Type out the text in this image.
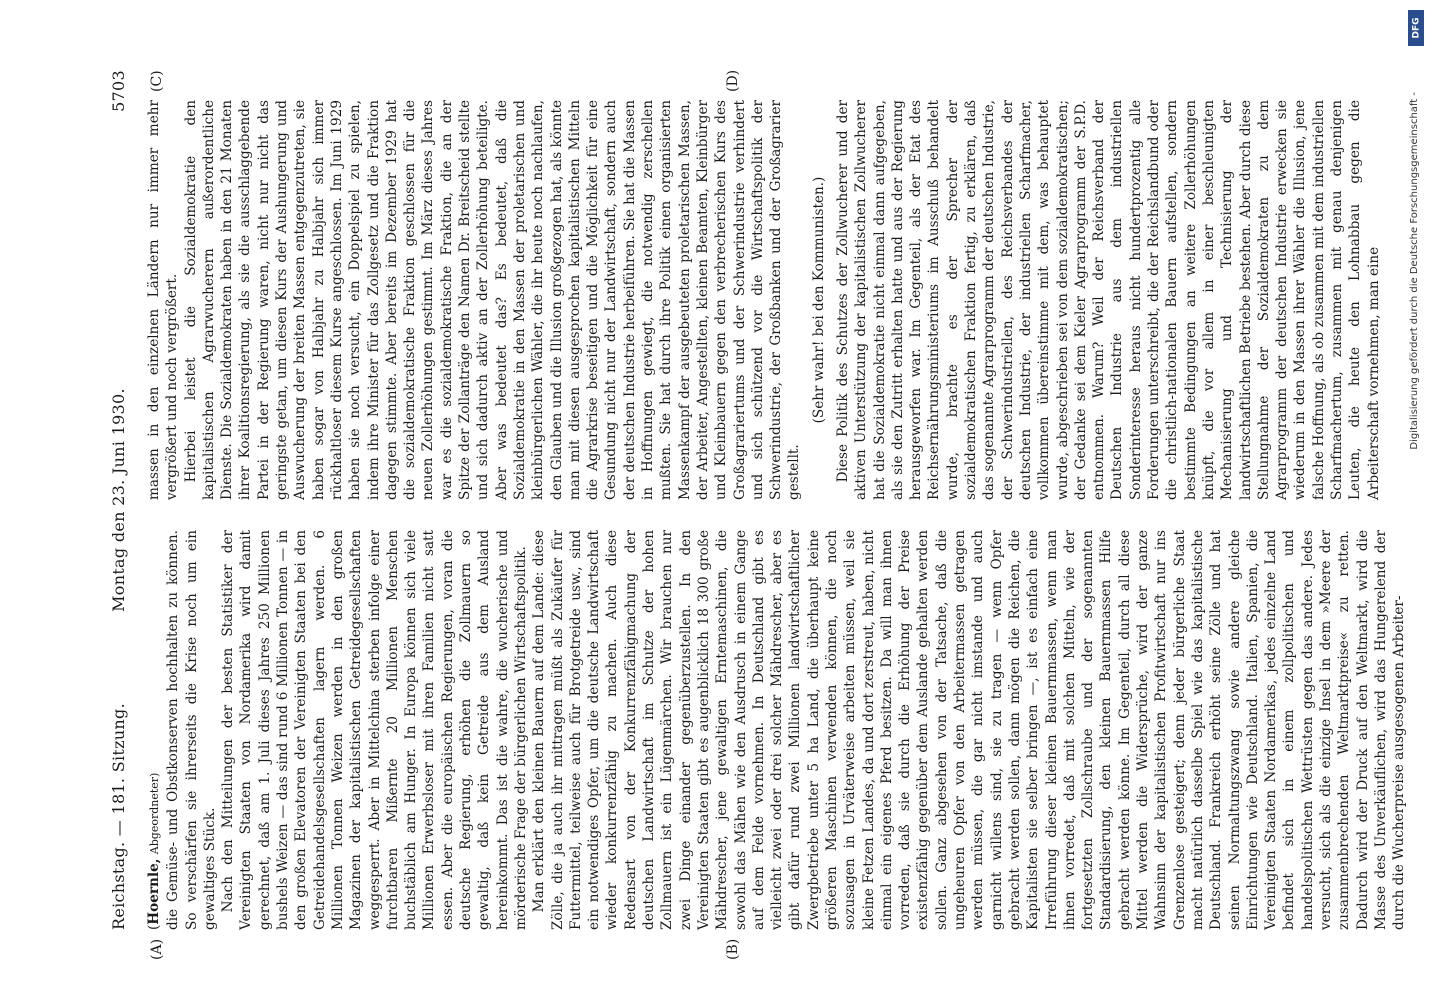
Reichstag. — 181. Sitzung.
Montag den 23. Juni 1930.
5703
(A)	(B)
(C)	(D)

(Hoernle, Abgeordneter) die Gemüse- und Obstkonserven hochhalten zu können. So verschärfen sie ihrerseits die Krise noch um ein gewaltiges Stück. Nach den Mitteilungen der besten Statistiker der Vereinigten Staaten von Nordamerika wird damit gerechnet, daß am 1. Juli dieses Jahres 250 Millionen bushels Weizen — das sind rund 6 Millionen Tonnen — in den großen Elevatoren der Vereinigten Staaten bei den Getreidehandelsgesellschaften lagern werden. 6 Millionen Tonnen Weizen werden in den großen Magazinen der kapitalistischen Getreidegesellschaften weggesperrt. Aber in Mittelchina sterben infolge einer furchtbaren Mißernte 20 Millionen Menschen buchstäblich am Hunger. In Europa können sich viele Millionen Erwerbsloser mit ihren Familien nicht satt essen. Aber die europäischen Regierungen, voran die deutsche Regierung, erhöhen die Zollmauern so gewaltig, daß kein Getreide aus dem Ausland hereinkommt. Das ist die wahre, die wucherische und mörderische Frage der bürgerlichen Wirtschaftspolitik. Man erklärt den kleinen Bauern auf dem Lande: diese Zölle, die ja auch ihr mittragen müßt als Zukäufer für Futtermittel, teilweise auch für Brotgetreide usw., sind ein notwendiges Opfer, um die deutsche Landwirtschaft wieder konkurrenzfähig zu machen. Auch diese Redensart von der Konkurrenzfähigmachung der deutschen Landwirtschaft im Schutze der hohen Zollmauern ist ein Lügenmärchen. Wir brauchen nur zwei Dinge einander gegenüberzustellen. In den Vereinigten Staaten gibt es augenblicklich 18 300 große Mähdrescher, jene gewaltigen Erntemaschinen, die sowohl das Mähen wie den Ausdrusch in einem Gange auf dem Felde vornehmen. In Deutschland gibt es vielleicht zwei oder drei solcher Mähdrescher, aber es gibt dafür rund zwei Millionen landwirtschaftlicher Zwergbetriebe unter 5 ha Land, die überhaupt keine größeren Maschinen verwenden können, die noch sozusagen in Urväterweise arbeiten müssen, weil sie kleine Fetzen Landes, da und dort zerstreut, haben, nicht einmal ein eigenes Pferd besitzen. Da will man ihnen vorreden, daß sie durch die Erhöhung der Preise existenzfähig gegenüber dem Auslande gehalten werden sollen. Ganz abgesehen von der Tatsache, daß die ungeheuren Opfer von den Arbeitermassen getragen werden müssen, die gar nicht imstande und auch garnicht willens sind, sie zu tragen — wenn Opfer gebracht werden sollen, dann mögen die Reichen, die Kapitalisten sie selber bringen —, ist es einfach eine Irreführung dieser kleinen Bauernmassen, wenn man ihnen vorredet, daß mit solchen Mitteln, wie der fortgesetzten Zollschraube und der sogenannten Standardisierung, den kleinen Bauernmassen Hilfe gebracht werden könne. Im Gegenteil, durch all diese Mittel werden die Widersprüche, wird der ganze Wahnsinn der kapitalistischen Profitwirtschaft nur ins Grenzenlose gesteigert; denn jeder bürgerliche Staat macht natürlich dasselbe Spiel wie das kapitalistische Deutschland. Frankreich erhöht seine Zölle und hat seinen Normaltungszwang sowie andere gleiche Einrichtungen wie Deutschland. Italien, Spanien, die Vereinigten Staaten Nordamerikas, jedes einzelne Land befindet sich in einem zollpolitischen und handelspolitischen Wettrüsten gegen das andere. Jedes versucht, sich als die einzige Insel in dem »Meere der zusammenbrechenden Weltmarktpreise« zu retten. Dadurch wird der Druck auf den Weltmarkt, wird die Masse des Unverkäuflichen, wird das Hungerelend der durch die Wucherpreise ausgesogenen Arbeiter-

massen in den einzelnen Ländern nur immer mehr vergrößert und noch vergrößert. Hierbei leistet die Sozialdemokratie den kapitalistischen Agrarwucherern außerordentliche Dienste. Die Sozialdemokraten haben in den 21 Monaten ihrer Koalitionsregierung, als sie die ausschlaggebende Partei in der Regierung waren, nicht nur nicht das geringste getan, um diesen Kurs der Aushungerung und Auswucherung der breiten Massen entgegenzutreten, sie haben sogar von Halbjahr zu Halbjahr sich immer rückhaltloser diesem Kurse angeschlossen. Im Juni 1929 haben sie noch versucht, ein Doppelspiel zu spielen, indem ihre Minister für das Zollgesetz und die Fraktion dagegen stimmte. Aber bereits im Dezember 1929 hat die sozialdemokratische Fraktion geschlossen für die neuen Zollerhöhungen gestimmt. Im März dieses Jahres war es die sozialdemokratische Fraktion, die an der Spitze der Zollanträge den Namen Dr. Breitscheid stellte und sich dadurch aktiv an der Zollerhöhung beteiligte. Aber was bedeutet das? Es bedeutet, daß die Sozialdemokratie in den Massen der proletarischen und kleinbürgerlichen Wähler, die ihr heute noch nachlaufen, den Glauben und die Illusion großgezogen hat, als könnte man mit diesen ausgesprochen kapitalistischen Mitteln die Agrarkrise beseitigen und die Möglichkeit für eine Gesundung nicht nur der Landwirtschaft, sondern auch der deutschen Industrie herbeiführen. Sie hat die Massen in Hoffnungen gewiegt, die notwendig zerschellen mußten. Sie hat durch ihre Politik einen organisierten Massenkampf der ausgebeuteten proletarischen Massen, der Arbeiter, Angestellten, kleinen Beamten, Kleinbürger und Kleinbauern gegen den verbrecherischen Kurs des Großagrariertums und der Schwerindustrie verhindert und sich schützend vor die Wirtschaftspolitik der Schwerindustrie, der Großbanken und der Großagrarier gestellt.

(Sehr wahr! bei den Kommunisten.) Diese Politik des Schutzes der Zollwucherer und der aktiven Unterstützung der kapitalistischen Zollwucherer hat die Sozialdemokratie nicht einmal dann aufgegeben, als sie den Zutritt erhalten hatte und aus der Regierung herausgeworfen war. Im Gegenteil, als der Etat des Reichsernährungsministeriums im Ausschuß behandelt wurde, brachte es der Sprecher der sozialdemokratischen Fraktion fertig, zu erklären, daß das sogenannte Agrarprogramm der deutschen Industrie, der Schwerindustriellen, des Reichsverbandes der deutschen Industrie, der industriellen Scharfmacher, vollkommen übereinstimme mit dem, was behauptet wurde, abgeschrieben sei von dem sozialdemokratischen; der Gedanke sei dem Kieler Agrarprogramm der S.P.D. entnommen. Warum? Weil der Reichsverband der Deutschen Industrie aus dem industriellen Sonderinteresse heraus nicht hundertprozentig alle Forderungen unterschreibt, die der Reichslandbund oder die christlich-nationalen Bauern aufstellen, sondern bestimmte Bedingungen an weitere Zollerhöhungen knüpft, die vor allem in einer beschleunigten Mechanisierung und Technisierung der landwirtschaftlichen Betriebe bestehen. Aber durch diese Stellungnahme der Sozialdemokraten zu dem Agrarprogramm der deutschen Industrie erwecken sie wiederum in den Massen ihrer Wähler die Illusion, jene falsche Hoffnung, als ob zusammen mit dem industriellen Scharfmachertum, zusammen mit genau denjenigen Leuten, die heute den Lohnabbau gegen die Arbeiterschaft vornehmen, man eine

DFG
Digitalisierung gefördert durch die Deutsche Forschungsgemeinschaft -
